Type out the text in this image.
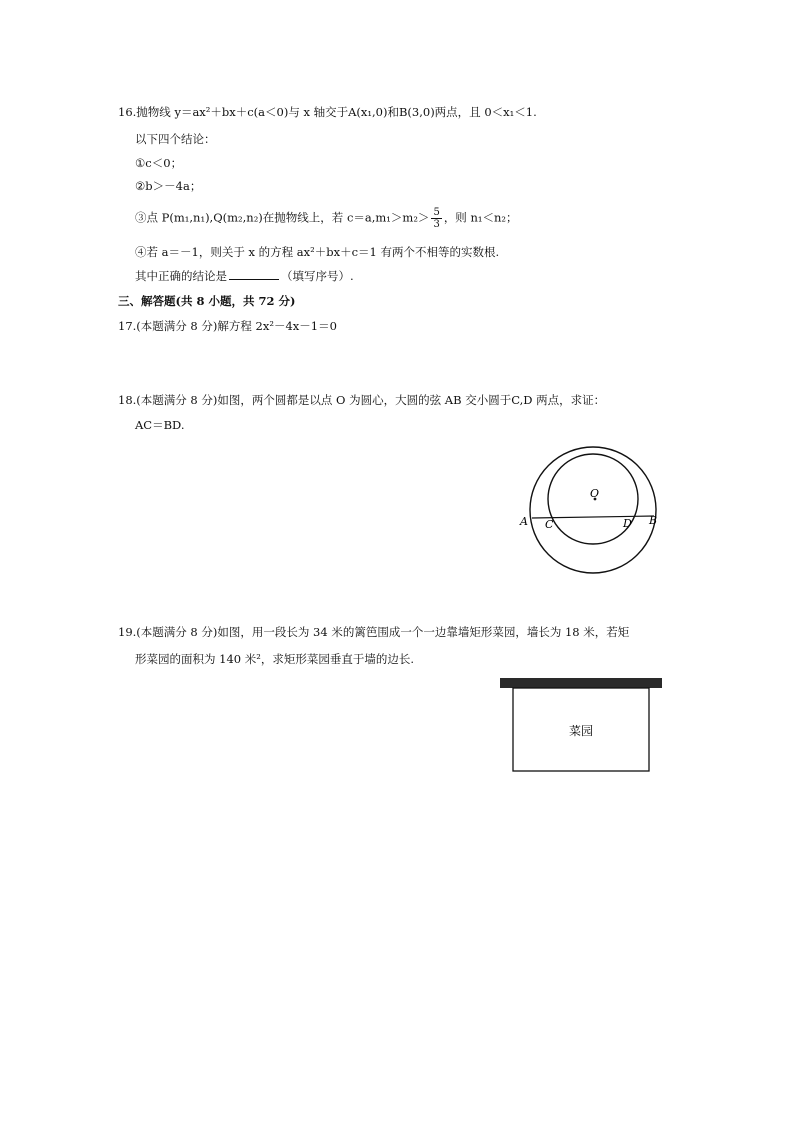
16.抛物线 y＝ax²＋bx＋c(a＜0)与 x 轴交于A(x₁,0)和B(3,0)两点，且 0＜x₁＜1.
以下四个结论：
①c＜0；
②b＞－4a；
③点 P(m₁,n₁),Q(m₂,n₂)在抛物线上，若 $c=a,m_1>m_2> \frac{5}{3}$ ，则 n₁＜n₂；
④若 a＝－1，则关于 x 的方程 ax²＋bx＋c＝1 有两个不相等的实数根.
其中正确的结论是	（填写序号）.
三、解答题(共 8 小题，共 72 分)
17.(本题满分 8 分)解方程 2x²－4x－1＝0
18.(本题满分 8 分)如图，两个圆都是以点 O 为圆心，大圆的弦 AB 交小圆于C,D 两点，求证：
AC＝BD.
O
A C	D B
19.(本题满分 8 分)如图，用一段长为 34 米的篱笆围成一个一边靠墙矩形菜园，墙长为 18 米，若矩
形菜园的面积为 140 米²，求矩形菜园垂直于墙的边长.
菜园
